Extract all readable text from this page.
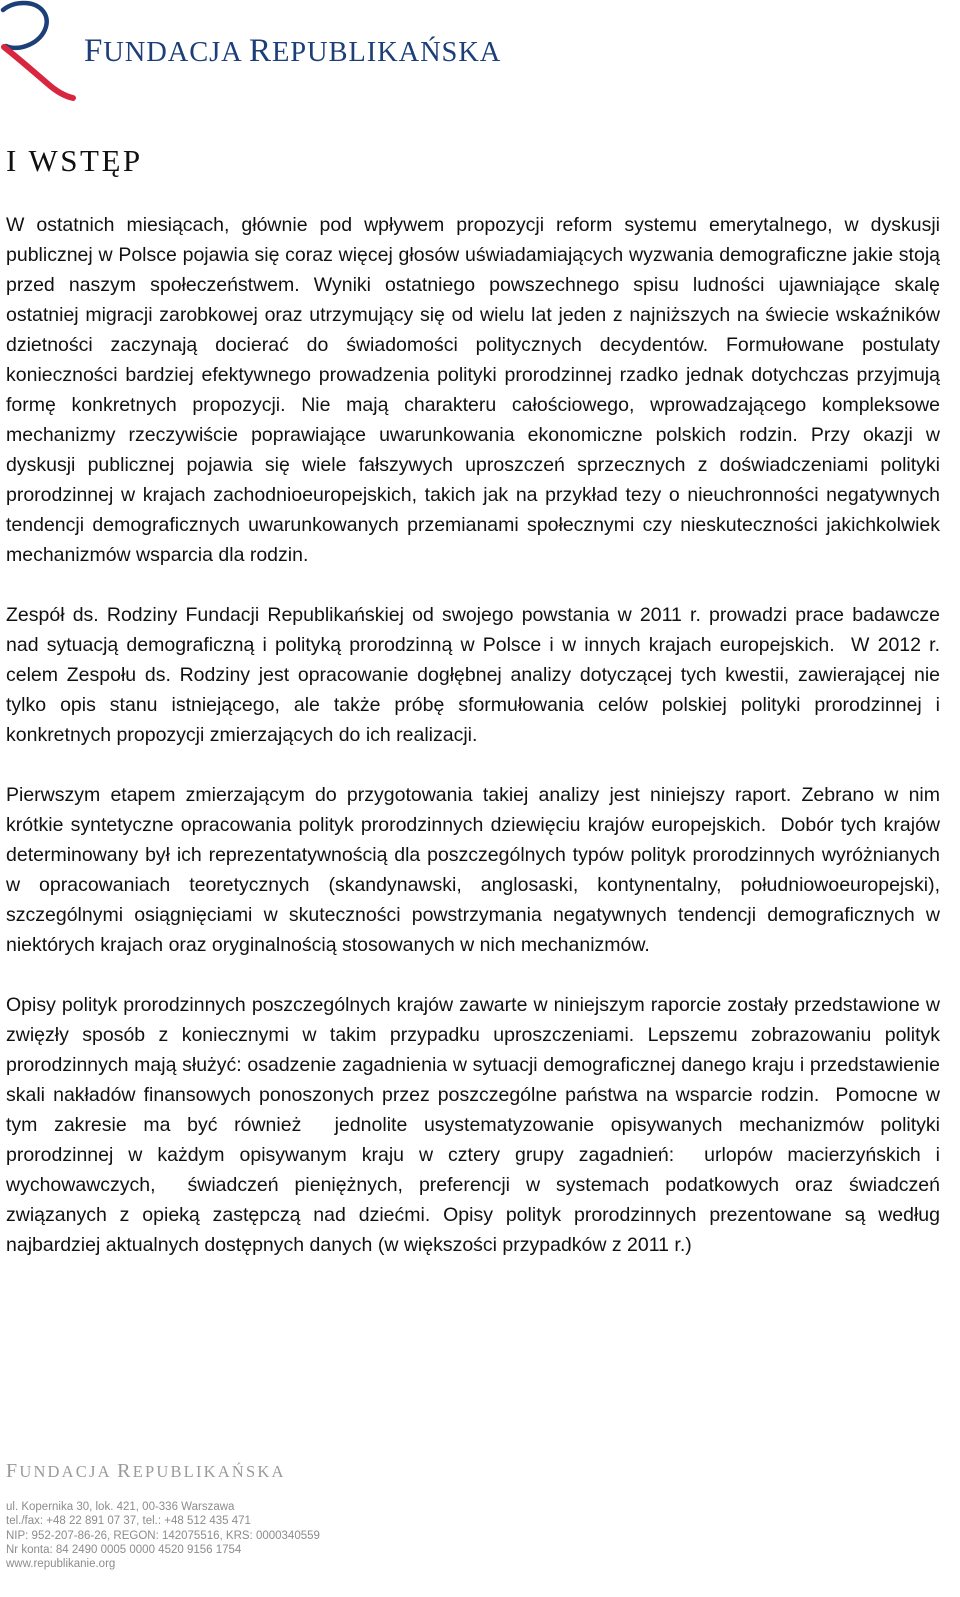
FUNDACJA REPUBLIKAŃSKA
I WSTĘP

W ostatnich miesiącach, głównie pod wpływem propozycji reform systemu emerytalnego, w dyskusji publicznej w Polsce pojawia się coraz więcej głosów uświadamiających wyzwania demograficzne jakie stoją przed naszym społeczeństwem. Wyniki ostatniego powszechnego spisu ludności ujawniające skalę ostatniej migracji zarobkowej oraz utrzymujący się od wielu lat jeden z najniższych na świecie wskaźników dzietności zaczynają docierać do świadomości politycznych decydentów. Formułowane postulaty konieczności bardziej efektywnego prowadzenia polityki prorodzinnej rzadko jednak dotychczas przyjmują formę konkretnych propozycji. Nie mają charakteru całościowego, wprowadzającego kompleksowe mechanizmy rzeczywiście poprawiające uwarunkowania ekonomiczne polskich rodzin. Przy okazji w dyskusji publicznej pojawia się wiele fałszywych uproszczeń sprzecznych z doświadczeniami polityki prorodzinnej w krajach zachodnioeuropejskich, takich jak na przykład tezy o nieuchronności negatywnych tendencji demograficznych uwarunkowanych przemianami społecznymi czy nieskuteczności jakichkolwiek mechanizmów wsparcia dla rodzin.

Zespół ds. Rodziny Fundacji Republikańskiej od swojego powstania w 2011 r. prowadzi prace badawcze nad sytuacją demograficzną i polityką prorodzinną w Polsce i w innych krajach europejskich.  W 2012 r. celem Zespołu ds. Rodziny jest opracowanie dogłębnej analizy dotyczącej tych kwestii, zawierającej nie tylko opis stanu istniejącego, ale także próbę sformułowania celów polskiej polityki prorodzinnej i konkretnych propozycji zmierzających do ich realizacji.

Pierwszym etapem zmierzającym do przygotowania takiej analizy jest niniejszy raport. Zebrano w nim krótkie syntetyczne opracowania polityk prorodzinnych dziewięciu krajów europejskich.  Dobór tych krajów determinowany był ich reprezentatywnością dla poszczególnych typów polityk prorodzinnych wyróżnianych w opracowaniach teoretycznych (skandynawski, anglosaski, kontynentalny, południowoeuropejski), szczególnymi osiągnięciami w skuteczności powstrzymania negatywnych tendencji demograficznych w niektórych krajach oraz oryginalnością stosowanych w nich mechanizmów.

Opisy polityk prorodzinnych poszczególnych krajów zawarte w niniejszym raporcie zostały przedstawione w zwięzły sposób z koniecznymi w takim przypadku uproszczeniami. Lepszemu zobrazowaniu polityk prorodzinnych mają służyć: osadzenie zagadnienia w sytuacji demograficznej danego kraju i przedstawienie skali nakładów finansowych ponoszonych przez poszczególne państwa na wsparcie rodzin.  Pomocne w tym zakresie ma być również  jednolite usystematyzowanie opisywanych mechanizmów polityki prorodzinnej w każdym opisywanym kraju w cztery grupy zagadnień:  urlopów macierzyńskich i wychowawczych,  świadczeń pieniężnych, preferencji w systemach podatkowych oraz świadczeń związanych z opieką zastępczą nad dziećmi. Opisy polityk prorodzinnych prezentowane są według najbardziej aktualnych dostępnych danych (w większości przypadków z 2011 r.)

FUNDACJA REPUBLIKAŃSKA
ul. Kopernika 30, lok. 421, 00-336 Warszawa
tel./fax: +48 22 891 07 37, tel.: +48 512 435 471
NIP: 952-207-86-26, REGON: 142075516, KRS: 0000340559
Nr konta: 84 2490 0005 0000 4520 9156 1754
www.republikanie.org
